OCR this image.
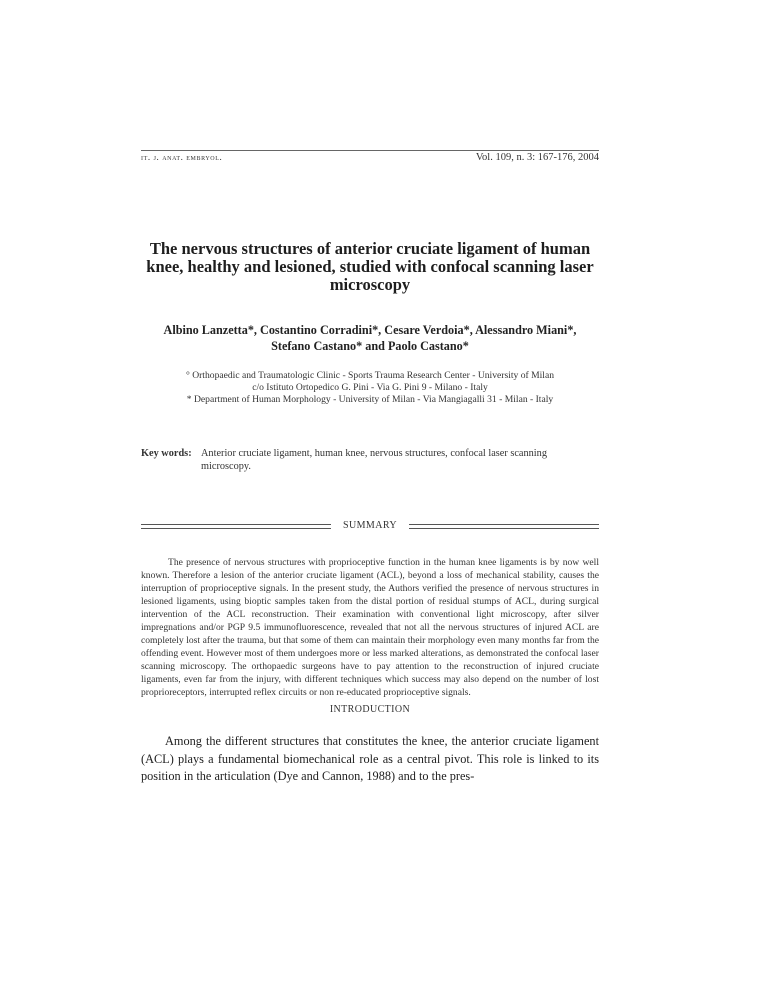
it. j. anat. embryol.	Vol. 109, n. 3: 167-176, 2004
The nervous structures of anterior cruciate ligament of human knee, healthy and lesioned, studied with confocal scanning laser microscopy
Albino Lanzetta*, Costantino Corradini*, Cesare Verdoia*, Alessandro Miani*,
Stefano Castano* and Paolo Castano*
° Orthopaedic and Traumatologic Clinic - Sports Trauma Research Center - University of Milan
c/o Istituto Ortopedico G. Pini - Via G. Pini 9 - Milano - Italy
* Department of Human Morphology - University of Milan - Via Mangiagalli 31 - Milan - Italy
Key words: Anterior cruciate ligament, human knee, nervous structures, confocal laser scanning microscopy.
SUMMARY
The presence of nervous structures with proprioceptive function in the human knee ligaments is by now well known. Therefore a lesion of the anterior cruciate ligament (ACL), beyond a loss of mechanical stability, causes the interruption of proprioceptive signals. In the present study, the Authors verified the presence of nervous structures in lesioned ligaments, using bioptic samples taken from the distal portion of residual stumps of ACL, during surgical intervention of the ACL reconstruction. Their examination with conventional light microscopy, after silver impregnations and/or PGP 9.5 immunofluorescence, revealed that not all the nervous structures of injured ACL are completely lost after the trauma, but that some of them can maintain their morphology even many months far from the offending event. However most of them undergoes more or less marked alterations, as demonstrated the confocal laser scanning microscopy. The orthopaedic surgeons have to pay attention to the reconstruction of injured cruciate ligaments, even far from the injury, with different techniques which success may also depend on the number of lost proprioreceptors, interrupted reflex circuits or non re-educated proprioceptive signals.
INTRODUCTION
Among the different structures that constitutes the knee, the anterior cruciate ligament (ACL) plays a fundamental biomechanical role as a central pivot. This role is linked to its position in the articulation (Dye and Cannon, 1988) and to the pres-
